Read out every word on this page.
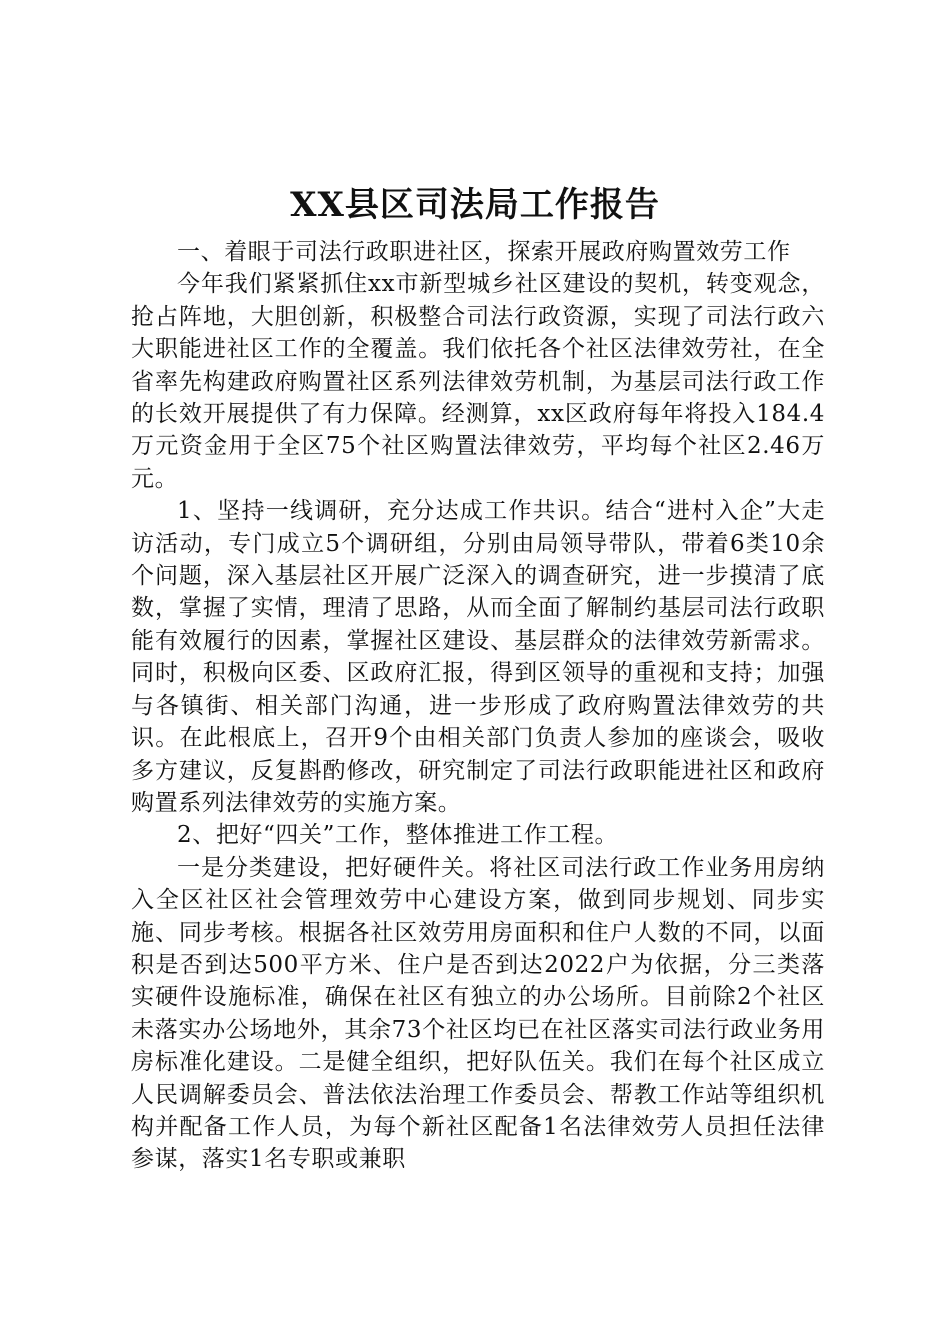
XX县区司法局工作报告

一、着眼于司法行政职进社区，探索开展政府购置效劳工作

今年我们紧紧抓住xx市新型城乡社区建设的契机，转变观念，抢占阵地，大胆创新，积极整合司法行政资源，实现了司法行政六大职能进社区工作的全覆盖。我们依托各个社区法律效劳社，在全省率先构建政府购置社区系列法律效劳机制，为基层司法行政工作的长效开展提供了有力保障。经测算，xx区政府每年将投入184.4万元资金用于全区75个社区购置法律效劳，平均每个社区2.46万元。

1、坚持一线调研，充分达成工作共识。结合“进村入企”大走访活动，专门成立5个调研组，分别由局领导带队，带着6类10余个问题，深入基层社区开展广泛深入的调查研究，进一步摸清了底数，掌握了实情，理清了思路，从而全面了解制约基层司法行政职能有效履行的因素，掌握社区建设、基层群众的法律效劳新需求。同时，积极向区委、区政府汇报，得到区领导的重视和支持；加强与各镇街、相关部门沟通，进一步形成了政府购置法律效劳的共识。在此根底上，召开9个由相关部门负责人参加的座谈会，吸收多方建议，反复斟酌修改，研究制定了司法行政职能进社区和政府购置系列法律效劳的实施方案。

2、把好“四关”工作，整体推进工作工程。

一是分类建设，把好硬件关。将社区司法行政工作业务用房纳入全区社区社会管理效劳中心建设方案，做到同步规划、同步实施、同步考核。根据各社区效劳用房面积和住户人数的不同，以面积是否到达500平方米、住户是否到达2022户为依据，分三类落实硬件设施标准，确保在社区有独立的办公场所。目前除2个社区未落实办公场地外，其余73个社区均已在社区落实司法行政业务用房标准化建设。二是健全组织，把好队伍关。我们在每个社区成立人民调解委员会、普法依法治理工作委员会、帮教工作站等组织机构并配备工作人员，为每个新社区配备1名法律效劳人员担任法律参谋，落实1名专职或兼职
